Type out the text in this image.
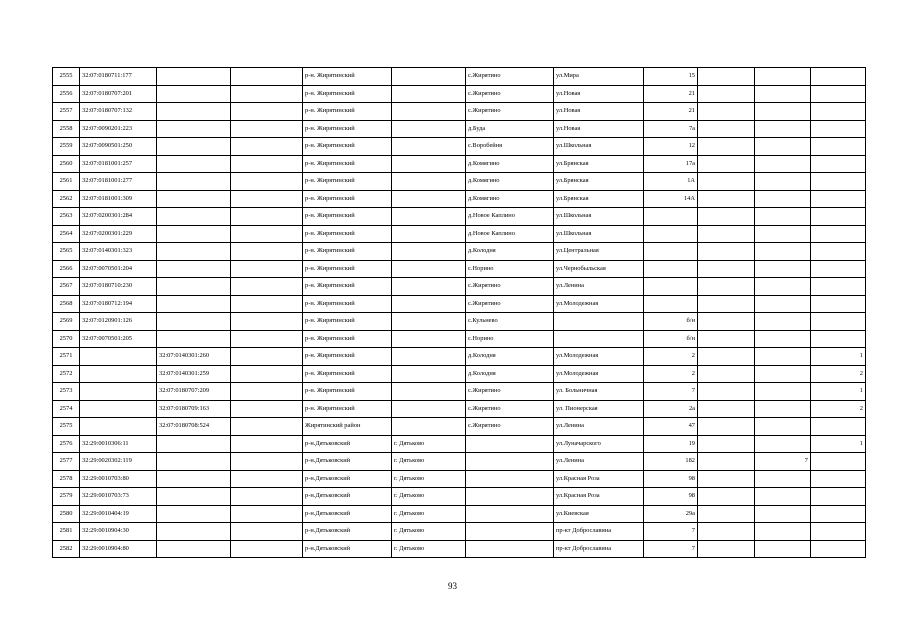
2555	32:07:0180711:177			р-н. Жирятинский		с.Жирятино	ул.Мира	15			
2556	32:07:0180707:201			р-н. Жирятинский		с.Жирятино	ул.Новая	21			
2557	32:07:0180707:132			р-н. Жирятинский		с.Жирятино	ул.Новая	21			
2558	32:07:0090201:223			р-н. Жирятинский		д.Буда	ул.Новая	7а			
2559	32:07:0090501:250			р-н. Жирятинский		с.Воробейня	ул.Школьная	12			
2560	32:07:0181001:257			р-н. Жирятинский		д.Комягино	ул.Брянская	17а			
2561	32:07:0181001:277			р-н. Жирятинский		д.Комягино	ул.Брянская	1А			
2562	32:07:0181001:309			р-н. Жирятинский		д.Комягино	ул.Брянская	14А			
2563	32:07:0200301:284			р-н. Жирятинский		д.Новое Каплино	ул.Школьная				
2564	32:07:0200301:229			р-н. Жирятинский		д.Новое Каплино	ул.Школьная				
2565	32:07:0140301:323			р-н. Жирятинский		д.Колодня	ул.Центральная				
2566	32:07:0070501:204			р-н. Жирятинский		с.Норино	ул.Чернобыльская				
2567	32:07:0180710:230			р-н. Жирятинский		с.Жирятино	ул.Ленина				
2568	32:07:0180712:194			р-н. Жирятинский		с.Жирятино	ул.Молодежная				
2569	32:07:0120901:126			р-н. Жирятинский		с.Кульнево		б/н			
2570	32:07:0070501:205			р-н. Жирятинский		с.Норино		б/н			
2571		32:07:0140301:260		р-н. Жирятинский		д.Колодня	ул.Молодежная	2			1
2572		32:07:0140301:259		р-н. Жирятинский		д.Колодня	ул.Молодежная	2			2
2573		32:07:0180707:209		р-н. Жирятинский		с.Жирятино	ул. Больничная	7			1
2574		32:07:0180709:163		р-н. Жирятинский		с.Жирятино	ул. Пионерская	2а			2
2575		32:07:0180708:524		Жирятинский район		с.Жирятино	ул.Ленина	47			
2576	32:29:0010306:11			р-н.Дятьковский	г. Дятьково		ул.Луначарского	19			1
2577	32:29:0020302:119			р-н.Дятьковский	г. Дятьково		ул.Ленина	182		7	
2578	32:29:0010703:80			р-н.Дятьковский	г. Дятьково		ул.Красная Роза	98			
2579	32:29:0010703:73			р-н.Дятьковский	г. Дятьково		ул.Красная Роза	98			
2580	32:29:0010404:19			р-н.Дятьковский	г. Дятьково		ул.Киевская	29а			
2581	32:29:0010904:30			р-н.Дятьковский	г. Дятьково		пр-кт Доброславина	7			
2582	32:29:0010904:80			р-н.Дятьковский	г. Дятьково		пр-кт Доброславина	7			
93
